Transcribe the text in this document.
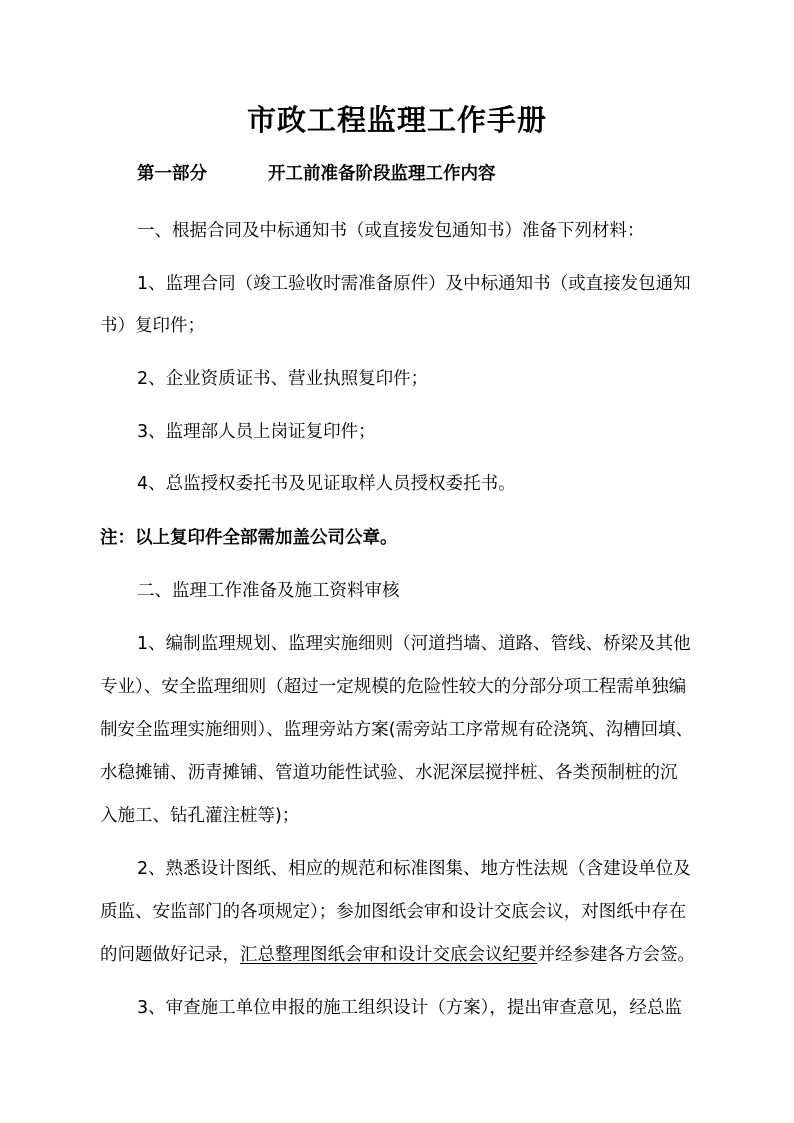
市政工程监理工作手册
第一部分	开工前准备阶段监理工作内容
一、根据合同及中标通知书（或直接发包通知书）准备下列材料：
1、监理合同（竣工验收时需准备原件）及中标通知书（或直接发包通知
书）复印件；
2、企业资质证书、营业执照复印件；
3、监理部人员上岗证复印件；
4、总监授权委托书及见证取样人员授权委托书。
注：以上复印件全部需加盖公司公章。
二、监理工作准备及施工资料审核
1、编制监理规划、监理实施细则（河道挡墙、道路、管线、桥梁及其他
专业）、安全监理细则（超过一定规模的危险性较大的分部分项工程需单独编
制安全监理实施细则）、监理旁站方案(需旁站工序常规有砼浇筑、沟槽回填、
水稳摊铺、沥青摊铺、管道功能性试验、水泥深层搅拌桩、各类预制桩的沉
入施工、钻孔灌注桩等)；
2、熟悉设计图纸、相应的规范和标准图集、地方性法规（含建设单位及
质监、安监部门的各项规定）；参加图纸会审和设计交底会议，对图纸中存在
的问题做好记录，汇总整理图纸会审和设计交底会议纪要并经参建各方会签。
3、审查施工单位申报的施工组织设计（方案），提出审查意见，经总监
